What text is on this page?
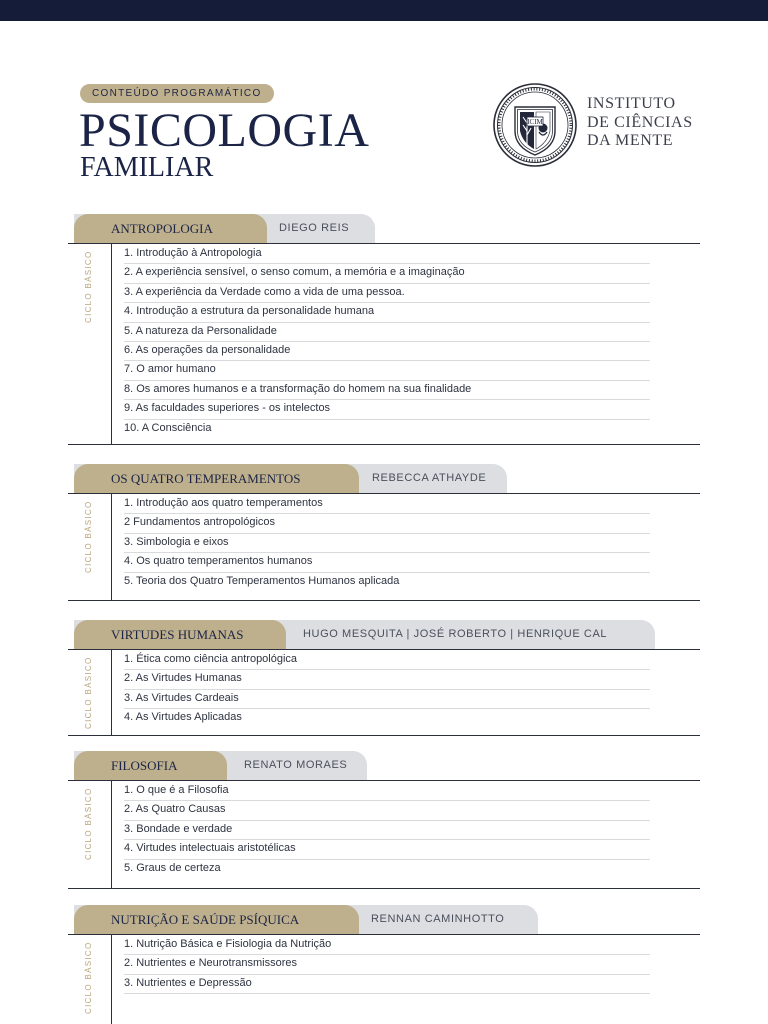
CONTEÚDO PROGRAMÁTICO
PSICOLOGIA
FAMILIAR
ICIM
INSTITUTO
DE CIÊNCIAS
DA MENTE
DIEGO REIS
ANTROPOLOGIA
CICLO BÁSICO	1. Introdução à Antropologia
2. A experiência sensível, o senso comum, a memória e a imaginação
3. A experiência da Verdade como a vida de uma pessoa.
4. Introdução a estrutura da personalidade humana
5. A natureza da Personalidade
6. As operações da personalidade
7. O amor humano
8. Os amores humanos e a transformação do homem na sua finalidade
9. As faculdades superiores - os intelectos
10. A Consciência
REBECCA ATHAYDE
OS QUATRO TEMPERAMENTOS
CICLO BÁSICO	1. Introdução aos quatro temperamentos
2 Fundamentos antropológicos
3. Simbologia e eixos
4. Os quatro temperamentos humanos
5. Teoria dos Quatro Temperamentos Humanos aplicada
HUGO MESQUITA | JOSÉ ROBERTO | HENRIQUE CAL
VIRTUDES HUMANAS
CICLO BÁSICO	1. Ética como ciência antropológica
2. As Virtudes Humanas
3. As Virtudes Cardeais
4. As Virtudes Aplicadas
RENATO MORAES
FILOSOFIA
CICLO BÁSICO	1. O que é a Filosofia
2. As Quatro Causas
3. Bondade e verdade
4. Virtudes intelectuais aristotélicas
5. Graus de certeza
RENNAN CAMINHOTTO
NUTRIÇÃO E SAÚDE PSÍQUICA
CICLO BÁSICO	1. Nutrição Básica e Fisiologia da Nutrição
2. Nutrientes e Neurotransmissores
3. Nutrientes e Depressão
